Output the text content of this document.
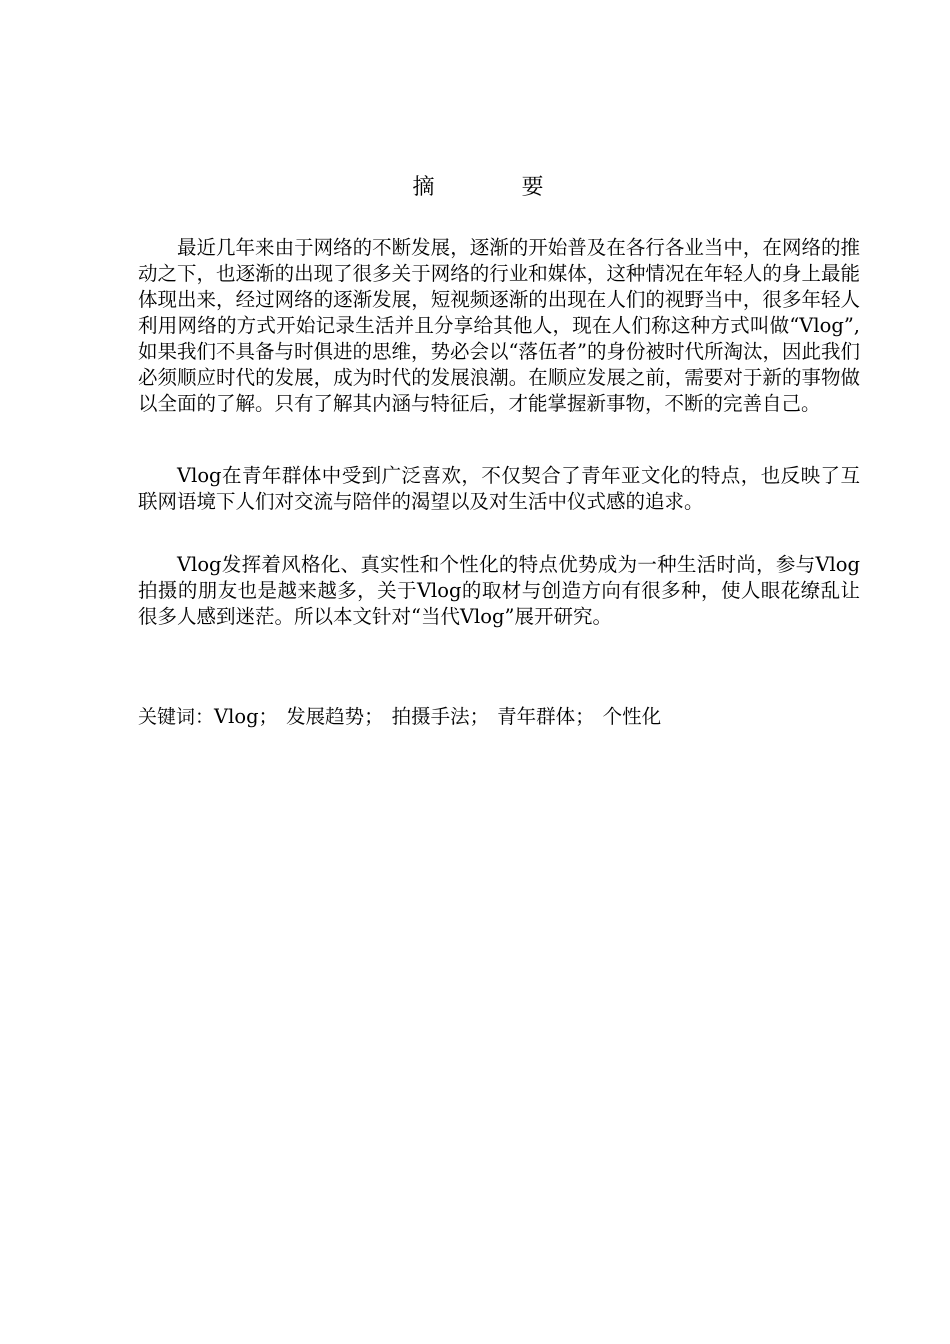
摘 要

最近几年来由于网络的不断发展，逐渐的开始普及在各行各业当中，在网络的推动之下，也逐渐的出现了很多关于网络的行业和媒体，这种情况在年轻人的身上最能体现出来，经过网络的逐渐发展，短视频逐渐的出现在人们的视野当中，很多年轻人利用网络的方式开始记录生活并且分享给其他人，现在人们称这种方式叫做“Vlog”,如果我们不具备与时俱进的思维，势必会以“落伍者”的身份被时代所淘汰，因此我们必须顺应时代的发展，成为时代的发展浪潮。在顺应发展之前，需要对于新的事物做以全面的了解。只有了解其内涵与特征后，才能掌握新事物，不断的完善自己。

Vlog在青年群体中受到广泛喜欢，不仅契合了青年亚文化的特点，也反映了互联网语境下人们对交流与陪伴的渴望以及对生活中仪式感的追求。

Vlog发挥着风格化、真实性和个性化的特点优势成为一种生活时尚，参与Vlog拍摄的朋友也是越来越多，关于Vlog的取材与创造方向有很多种，使人眼花缭乱让很多人感到迷茫。所以本文针对“当代Vlog”展开研究。

关键词：Vlog； 发展趋势； 拍摄手法； 青年群体； 个性化
